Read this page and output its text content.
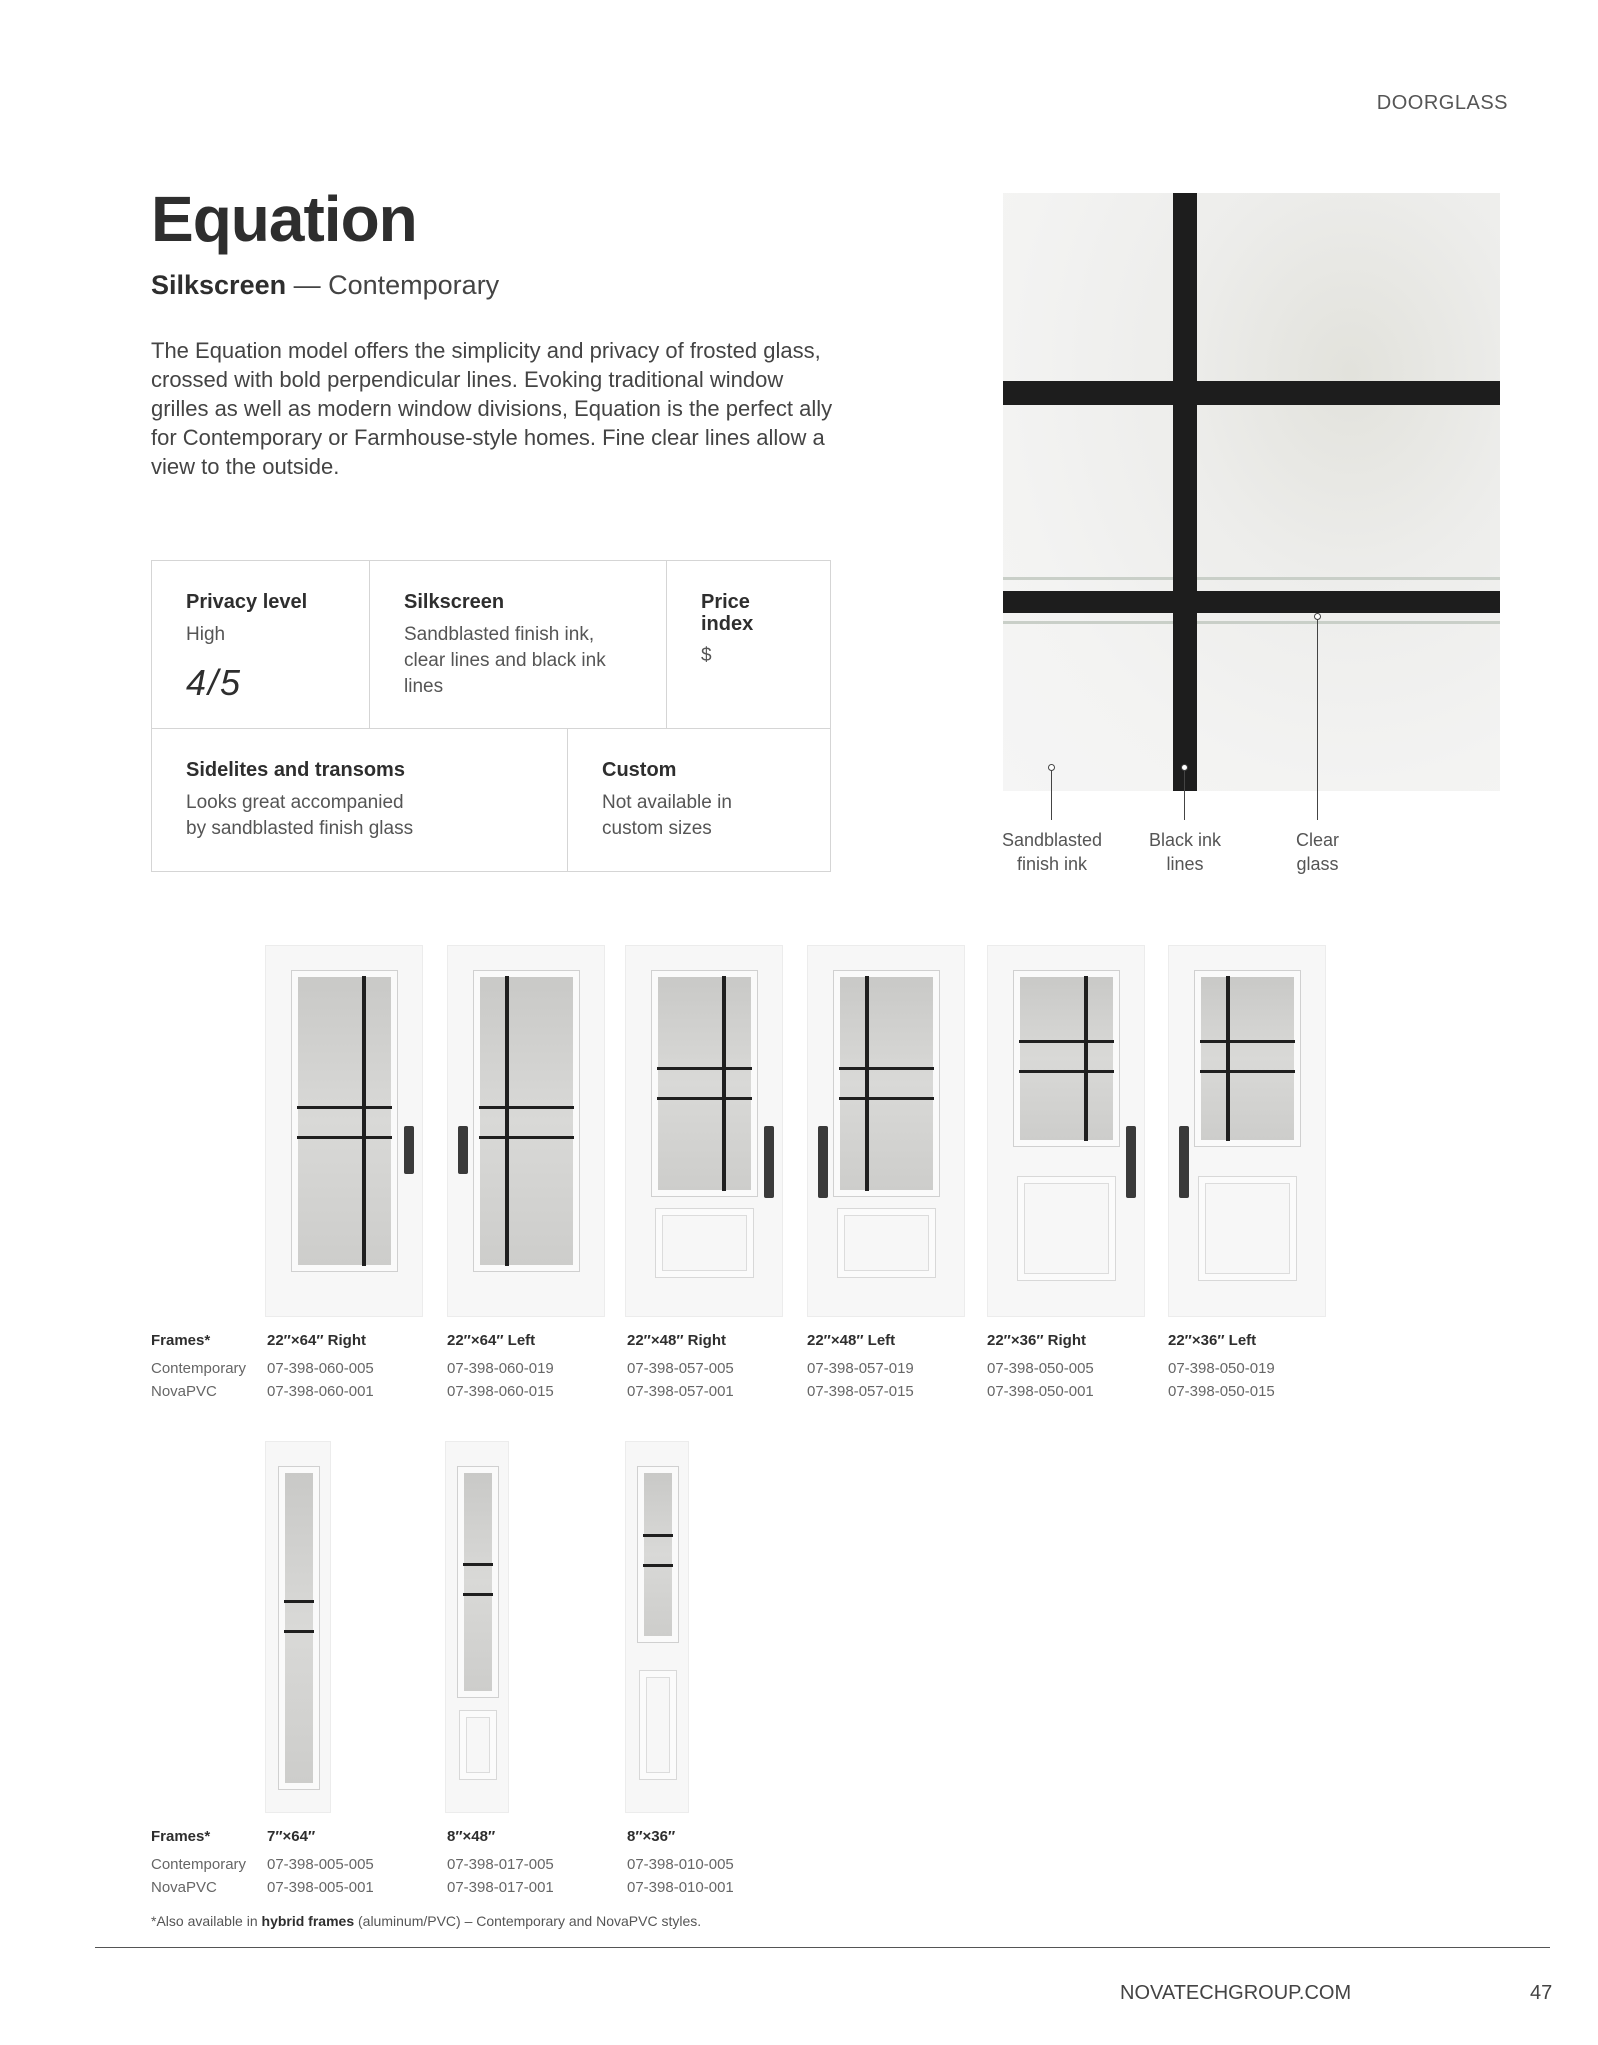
DOORGLASS
Equation
Silkscreen — Contemporary
The Equation model offers the simplicity and privacy of frosted glass, crossed with bold perpendicular lines. Evoking traditional window grilles as well as modern window divisions, Equation is the perfect ally for Contemporary or Farmhouse-style homes. Fine clear lines allow a view to the outside.
Privacy level

High

4/5
Silkscreen

Sandblasted finish ink, clear lines and black ink lines

Price index

$

Sidelites and transoms

Looks great accompanied by sandblasted finish glass

Custom

Not available in custom sizes

Sandblasted finish ink
Black ink lines
Clear glass
Frames*
Contemporary
NovaPVC
22″×64″ Right
07-398-060-005
07-398-060-001
22″×64″ Left
07-398-060-019
07-398-060-015
22″×48″ Right
07-398-057-005
07-398-057-001
22″×48″ Left
07-398-057-019
07-398-057-015
22″×36″ Right
07-398-050-005
07-398-050-001
22″×36″ Left
07-398-050-019
07-398-050-015
Frames*
Contemporary
NovaPVC
7″×64″
07-398-005-005
07-398-005-001
8″×48″
07-398-017-005
07-398-017-001
8″×36″
07-398-010-005
07-398-010-001
*Also available in hybrid frames (aluminum/PVC) – Contemporary and NovaPVC styles.
NOVATECHGROUP.COM	47
